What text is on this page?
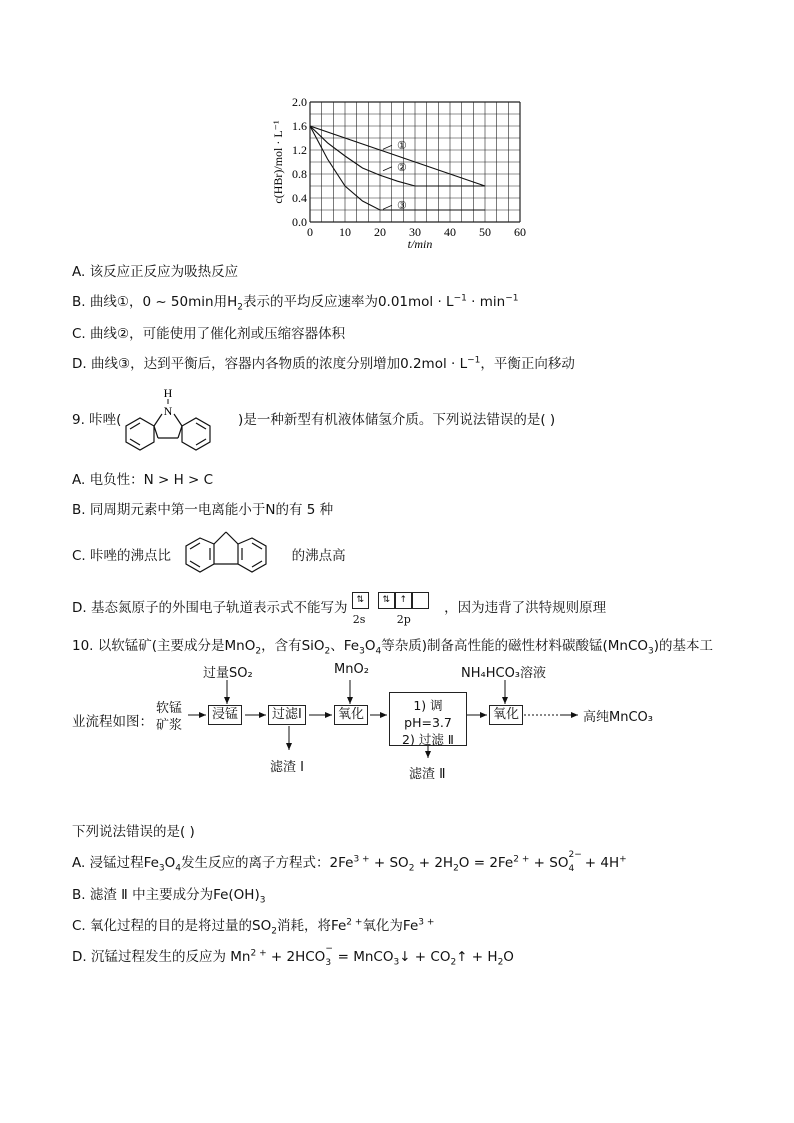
①
②
③
0 10 20 30 40 50 60
0.0
0.4
0.8
1.2
1.6
2.0
c(HBr)/mol · L⁻¹
t/min
A. 该反应正反应为吸热反应
B. 曲线①，0 ~ 50min用$H_2$表示的平均反应速率为$0.01mol \cdot L^{-1} \cdot \min^{-1}$
C. 曲线②，可能使用了催化剂或压缩容器体积
D. 曲线③，达到平衡后，容器内各物质的浓度分别增加$0.2mol \cdot L^{-1}$，平衡正向移动
9. 咔唑(	)是一种新型有机液体储氢介质。下列说法错误的是( )
H
N
A. 电负性：N > H > C
B. 同周期元素中第一电离能小于N的有 5 种
C. 咔唑的沸点比	的沸点高
D. 基态氮原子的外围电子轨道表示式不能写为	⇅	⇅	↑
2s	2p
，因为违背了洪特规则原理
10. 以软锰矿(主要成分是MnO$_2$，含有SiO$_2$、$Fe_3O_4$等杂质)制备高性能的磁性材料碳酸锰(MnCO$_3$)的基本工
业流程如图：
软锰
矿浆
浸锰	过滤Ⅰ	氧化
1) 调pH=3.7
2) 过滤 Ⅱ
氧化	高纯MnCO₃
过量SO₂	MnO₂	NH₄HCO₃溶液
滤渣 Ⅰ	滤渣 Ⅱ
下列说法错误的是( )
A. 浸锰过程$Fe_3O_4$发生反应的离子方程式：$2Fe^{3 +} + SO_2 + 2H_2O = 2Fe^{2 +}$ + SO 2−
4 + 4H+
B. 滤渣 Ⅱ 中主要成分为$Fe(OH)_3$
C. 氧化过程的目的是将过量的$SO_2$消耗，将$Fe^{2 +}$氧化为$Fe^{3 +}$
D. 沉锰过程发生的反应为 $Mn^{2 +} + 2HCO$ −
3 = MnCO$_3$↓ + $CO_2↑ + H_2O$
